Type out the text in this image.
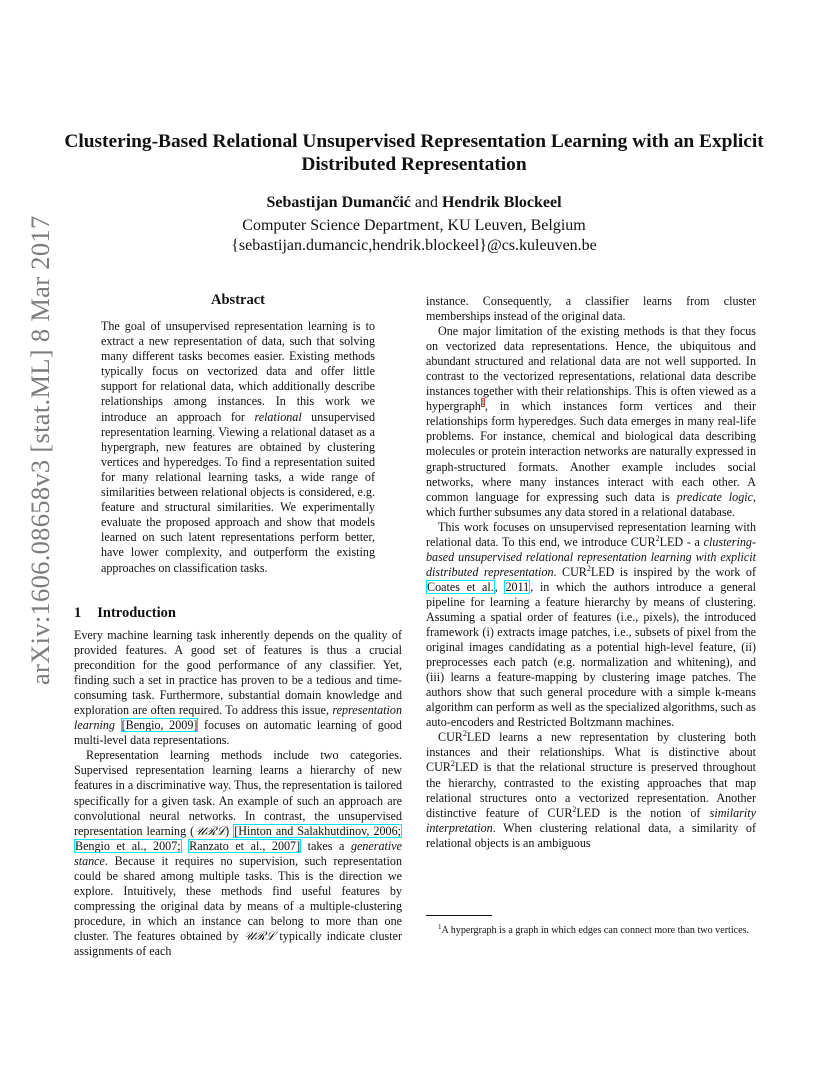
arXiv:1606.08658v3 [stat.ML] 8 Mar 2017
Clustering-Based Relational Unsupervised Representation Learning with an Explicit Distributed Representation
Sebastijan Dumančić and Hendrik Blockeel
Computer Science Department, KU Leuven, Belgium
{sebastijan.dumancic,hendrik.blockeel}@cs.kuleuven.be
Abstract
The goal of unsupervised representation learning is to extract a new representation of data, such that solving many different tasks becomes easier. Existing methods typically focus on vectorized data and offer little support for relational data, which additionally describe relationships among instances. In this work we introduce an approach for relational unsupervised representation learning. Viewing a relational dataset as a hypergraph, new features are obtained by clustering vertices and hyperedges. To find a representation suited for many relational learning tasks, a wide range of similarities between relational objects is considered, e.g. feature and structural similarities. We experimentally evaluate the proposed approach and show that models learned on such latent representations perform better, have lower complexity, and outperform the existing approaches on classification tasks.
1 Introduction

Every machine learning task inherently depends on the quality of provided features. A good set of features is thus a crucial precondition for the good performance of any classifier. Yet, finding such a set in practice has proven to be a tedious and time-consuming task. Furthermore, substantial domain knowledge and exploration are often required. To address this issue, representation learning [Bengio, 2009] focuses on automatic learning of good multi-level data representations.

Representation learning methods include two categories. Supervised representation learning learns a hierarchy of new features in a discriminative way. Thus, the representation is tailored specifically for a given task. An example of such an approach are convolutional neural networks. In contrast, the unsupervised representation learning (𝒰ℛℒ) [Hinton and Salakhutdinov, 2006; Bengio et al., 2007; Ranzato et al., 2007] takes a generative stance. Because it requires no supervision, such representation could be shared among multiple tasks. This is the direction we explore. Intuitively, these methods find useful features by compressing the original data by means of a multiple-clustering procedure, in which an instance can belong to more than one cluster. The features obtained by 𝒰ℛℒ typically indicate cluster assignments of each

instance. Consequently, a classifier learns from cluster memberships instead of the original data.

One major limitation of the existing methods is that they focus on vectorized data representations. Hence, the ubiquitous and abundant structured and relational data are not well supported. In contrast to the vectorized representations, relational data describe instances together with their relationships. This is often viewed as a hypergraph$^1$, in which instances form vertices and their relationships form hyperedges. Such data emerges in many real-life problems. For instance, chemical and biological data describing molecules or protein interaction networks are naturally expressed in graph-structured formats. Another example includes social networks, where many instances interact with each other. A common language for expressing such data is predicate logic, which further subsumes any data stored in a relational database.

This work focuses on unsupervised representation learning with relational data. To this end, we introduce CUR$^2$LED - a clustering-based unsupervised relational representation learning with explicit distributed representation. CUR$^2$LED is inspired by the work of Coates et al., 2011, in which the authors introduce a general pipeline for learning a feature hierarchy by means of clustering. Assuming a spatial order of features (i.e., pixels), the introduced framework (i) extracts image patches, i.e., subsets of pixel from the original images candidating as a potential high-level feature, (ii) preprocesses each patch (e.g. normalization and whitening), and (iii) learns a feature-mapping by clustering image patches. The authors show that such general procedure with a simple k-means algorithm can perform as well as the specialized algorithms, such as auto-encoders and Restricted Boltzmann machines.

CUR$^2$LED learns a new representation by clustering both instances and their relationships. What is distinctive about CUR$^2$LED is that the relational structure is preserved throughout the hierarchy, contrasted to the existing approaches that map relational structures onto a vectorized representation. Another distinctive feature of CUR$^2$LED is the notion of similarity interpretation. When clustering relational data, a similarity of relational objects is an ambiguous

$^1$A hypergraph is a graph in which edges can connect more than two vertices.
